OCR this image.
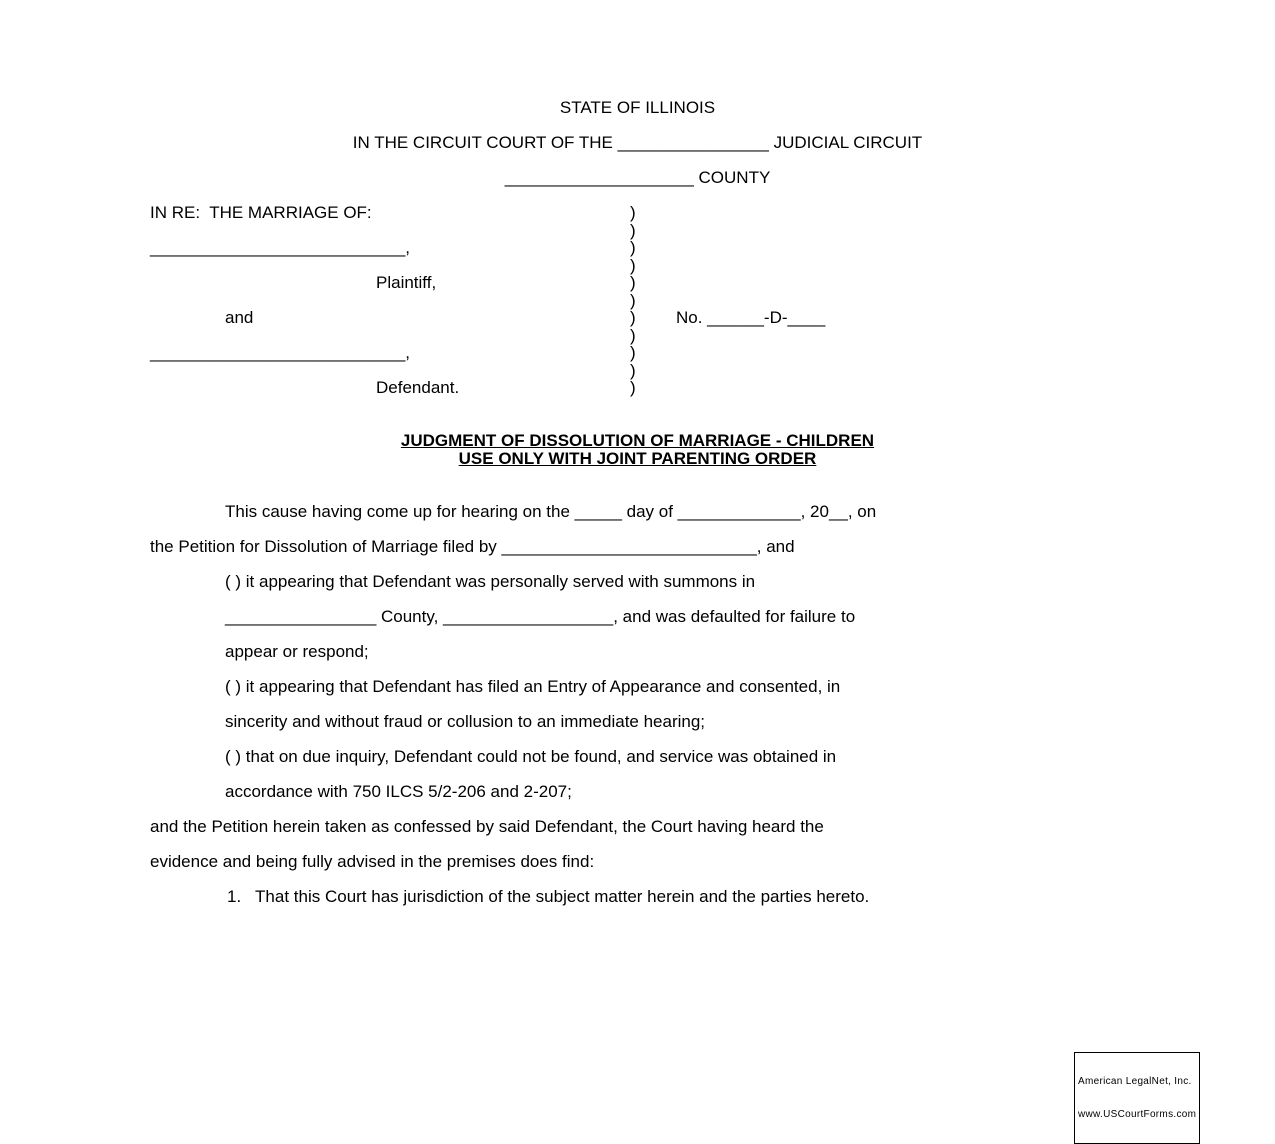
STATE OF ILLINOIS
IN THE CIRCUIT COURT OF THE ________________ JUDICIAL CIRCUIT
____________________ COUNTY
IN RE:  THE MARRIAGE OF:
___________________________,
Plaintiff,
and
___________________________,
Defendant.
)
)
)
)
)
)
)
)
)
)
)
No. ______-D-____
JUDGMENT OF DISSOLUTION OF MARRIAGE - CHILDREN
USE ONLY WITH JOINT PARENTING ORDER
This cause having come up for hearing on the _____ day of _____________, 20__, on
the Petition for Dissolution of Marriage filed by ___________________________, and
( ) it appearing that Defendant was personally served with summons in
________________ County, __________________, and was defaulted for failure to
appear or respond;
( ) it appearing that Defendant has filed an Entry of Appearance and consented, in
sincerity and without fraud or collusion to an immediate hearing;
( ) that on due inquiry, Defendant could not be found, and service was obtained in
accordance with 750 ILCS 5/2-206 and 2-207;
and the Petition herein taken as confessed by said Defendant, the Court having heard the
evidence and being fully advised in the premises does find:
1.   That this Court has jurisdiction of the subject matter herein and the parties hereto.

American LegalNet, Inc.

www.USCourtForms.com
